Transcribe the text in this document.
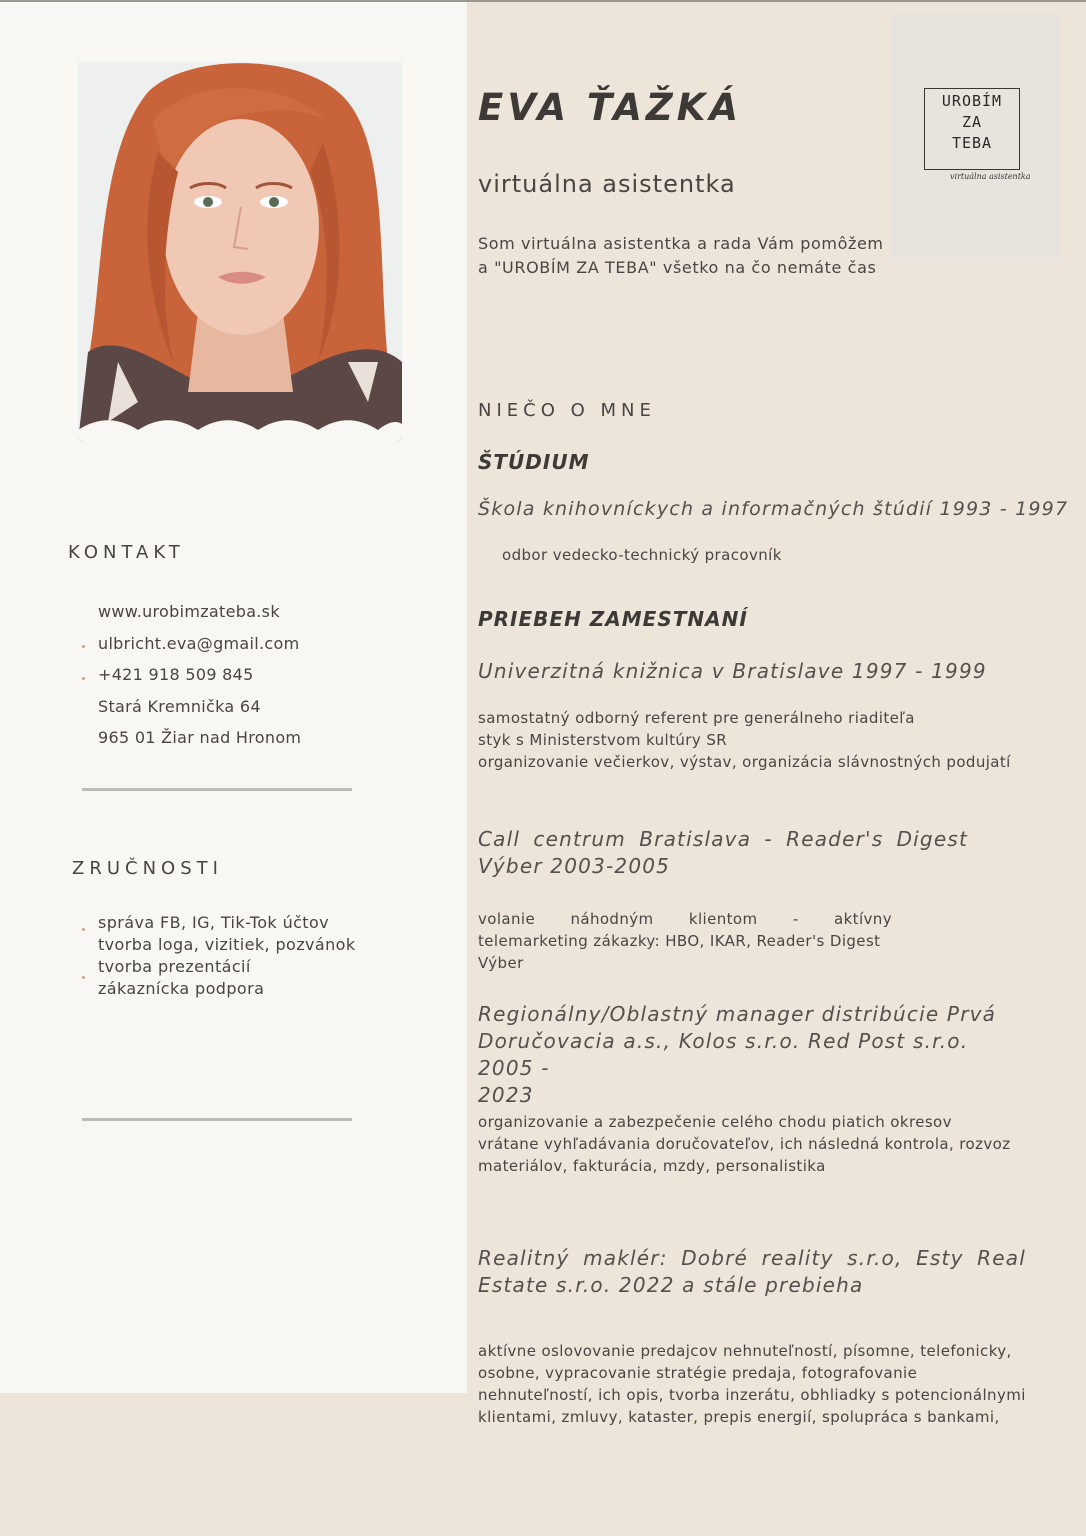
UROBÍM
ZA
TEBA
virtuálna asistentka
EVA ŤAŽKÁ
virtuálna asistentka
Som virtuálna asistentka a rada Vám pomôžem
a "UROBÍM ZA TEBA" všetko na čo nemáte čas
KONTAKT
www.urobimzateba.sk
ulbricht.eva@gmail.com
+421 918 509 845
Stará Kremnička 64
965 01 Žiar nad Hronom
ZRUČNOSTI
správa FB, IG, Tik-Tok účtov
tvorba loga, vizitiek, pozvánok
tvorba prezentácií
zákaznícka podpora
NIEČO O MNE
ŠTÚDIUM
Škola knihovníckych a informačných štúdií 1993 - 1997
odbor vedecko-technický pracovník
PRIEBEH ZAMESTNANÍ
Univerzitná knižnica v Bratislave 1997 - 1999
samostatný odborný referent pre generálneho riaditeľa
styk s Ministerstvom kultúry SR
organizovanie večierkov, výstav, organizácia slávnostných podujatí
Call centrum Bratislava - Reader's Digest
Výber 2003-2005
volanie náhodným klientom - aktívny
telemarketing zákazky: HBO, IKAR, Reader's Digest
Výber
Regionálny/Oblastný manager distribúcie Prvá
Doručovacia a.s., Kolos s.r.o. Red Post s.r.o. 2005 -
2023
organizovanie a zabezpečenie celého chodu piatich okresov
vrátane vyhľadávania doručovateľov, ich následná kontrola, rozvoz
materiálov, fakturácia, mzdy, personalistika
Realitný maklér: Dobré reality s.r.o, Esty Real
Estate s.r.o. 2022 a stále prebieha
aktívne oslovovanie predajcov nehnuteľností, písomne, telefonicky,
osobne, vypracovanie stratégie predaja, fotografovanie
nehnuteľností, ich opis, tvorba inzerátu, obhliadky s potencionálnymi
klientami, zmluvy, kataster, prepis energií, spolupráca s bankami,
